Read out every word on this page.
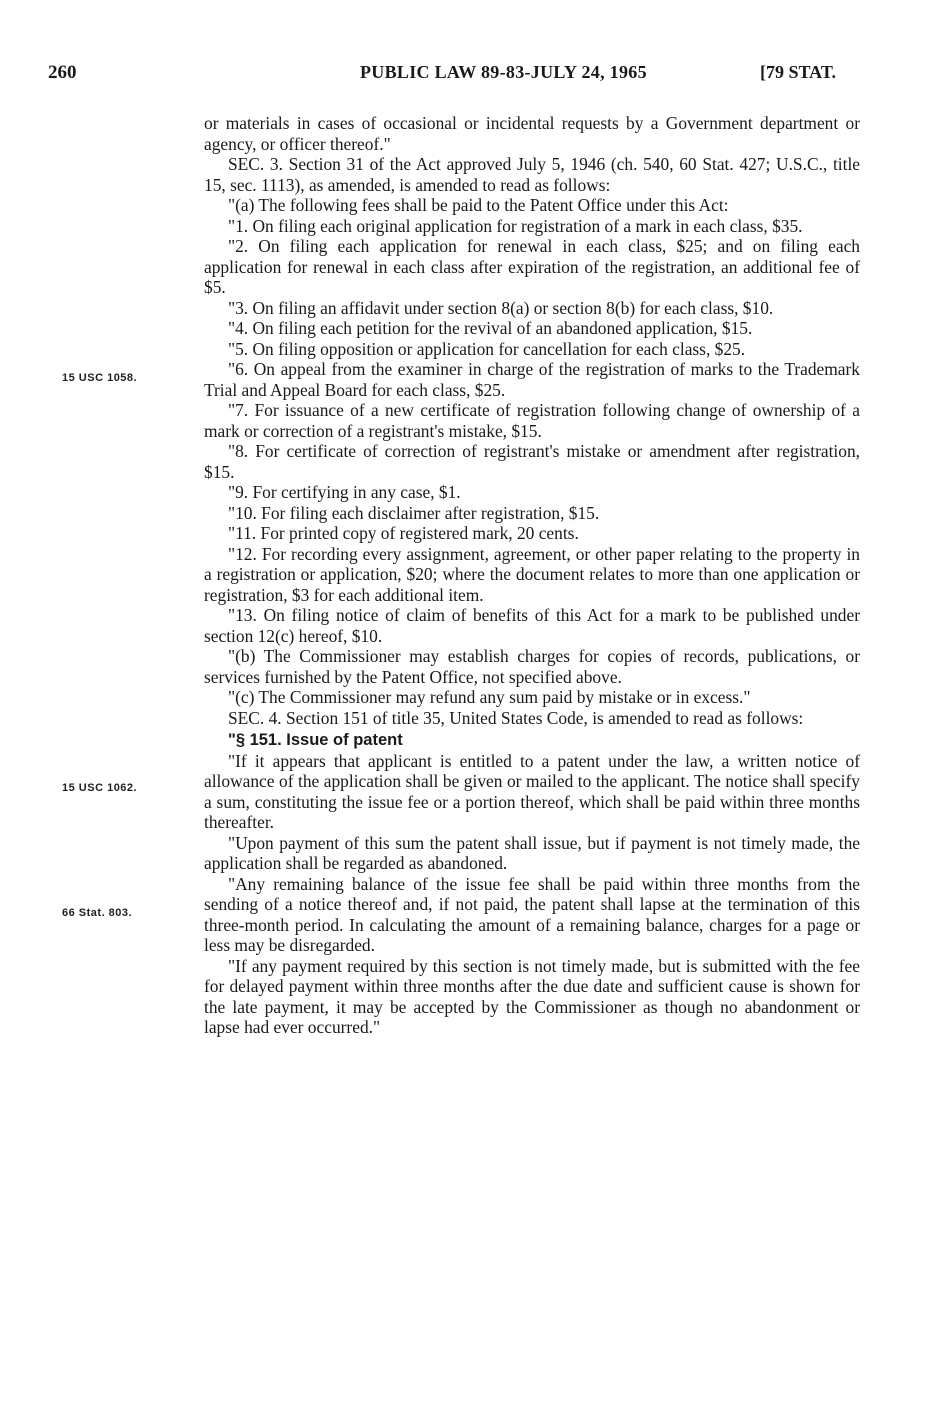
260	PUBLIC LAW 89-83-JULY 24, 1965	[79 STAT.
15 USC 1058.
15 USC 1062.
66 Stat. 803.

or materials in cases of occasional or incidental requests by a Government department or agency, or officer thereof."

SEC. 3. Section 31 of the Act approved July 5, 1946 (ch. 540, 60 Stat. 427; U.S.C., title 15, sec. 1113), as amended, is amended to read as follows:

"(a) The following fees shall be paid to the Patent Office under this Act:

"1. On filing each original application for registration of a mark in each class, $35.

"2. On filing each application for renewal in each class, $25; and on filing each application for renewal in each class after expiration of the registration, an additional fee of $5.

"3. On filing an affidavit under section 8(a) or section 8(b) for each class, $10.

"4. On filing each petition for the revival of an abandoned application, $15.

"5. On filing opposition or application for cancellation for each class, $25.

"6. On appeal from the examiner in charge of the registration of marks to the Trademark Trial and Appeal Board for each class, $25.

"7. For issuance of a new certificate of registration following change of ownership of a mark or correction of a registrant's mistake, $15.

"8. For certificate of correction of registrant's mistake or amendment after registration, $15.

"9. For certifying in any case, $1.

"10. For filing each disclaimer after registration, $15.

"11. For printed copy of registered mark, 20 cents.

"12. For recording every assignment, agreement, or other paper relating to the property in a registration or application, $20; where the document relates to more than one application or registration, $3 for each additional item.

"13. On filing notice of claim of benefits of this Act for a mark to be published under section 12(c) hereof, $10.

"(b) The Commissioner may establish charges for copies of records, publications, or services furnished by the Patent Office, not specified above.

"(c) The Commissioner may refund any sum paid by mistake or in excess."

SEC. 4. Section 151 of title 35, United States Code, is amended to read as follows:

"§ 151. Issue of patent

"If it appears that applicant is entitled to a patent under the law, a written notice of allowance of the application shall be given or mailed to the applicant. The notice shall specify a sum, constituting the issue fee or a portion thereof, which shall be paid within three months thereafter.

"Upon payment of this sum the patent shall issue, but if payment is not timely made, the application shall be regarded as abandoned.

"Any remaining balance of the issue fee shall be paid within three months from the sending of a notice thereof and, if not paid, the patent shall lapse at the termination of this three-month period. In calculating the amount of a remaining balance, charges for a page or less may be disregarded.

"If any payment required by this section is not timely made, but is submitted with the fee for delayed payment within three months after the due date and sufficient cause is shown for the late payment, it may be accepted by the Commissioner as though no abandonment or lapse had ever occurred."
